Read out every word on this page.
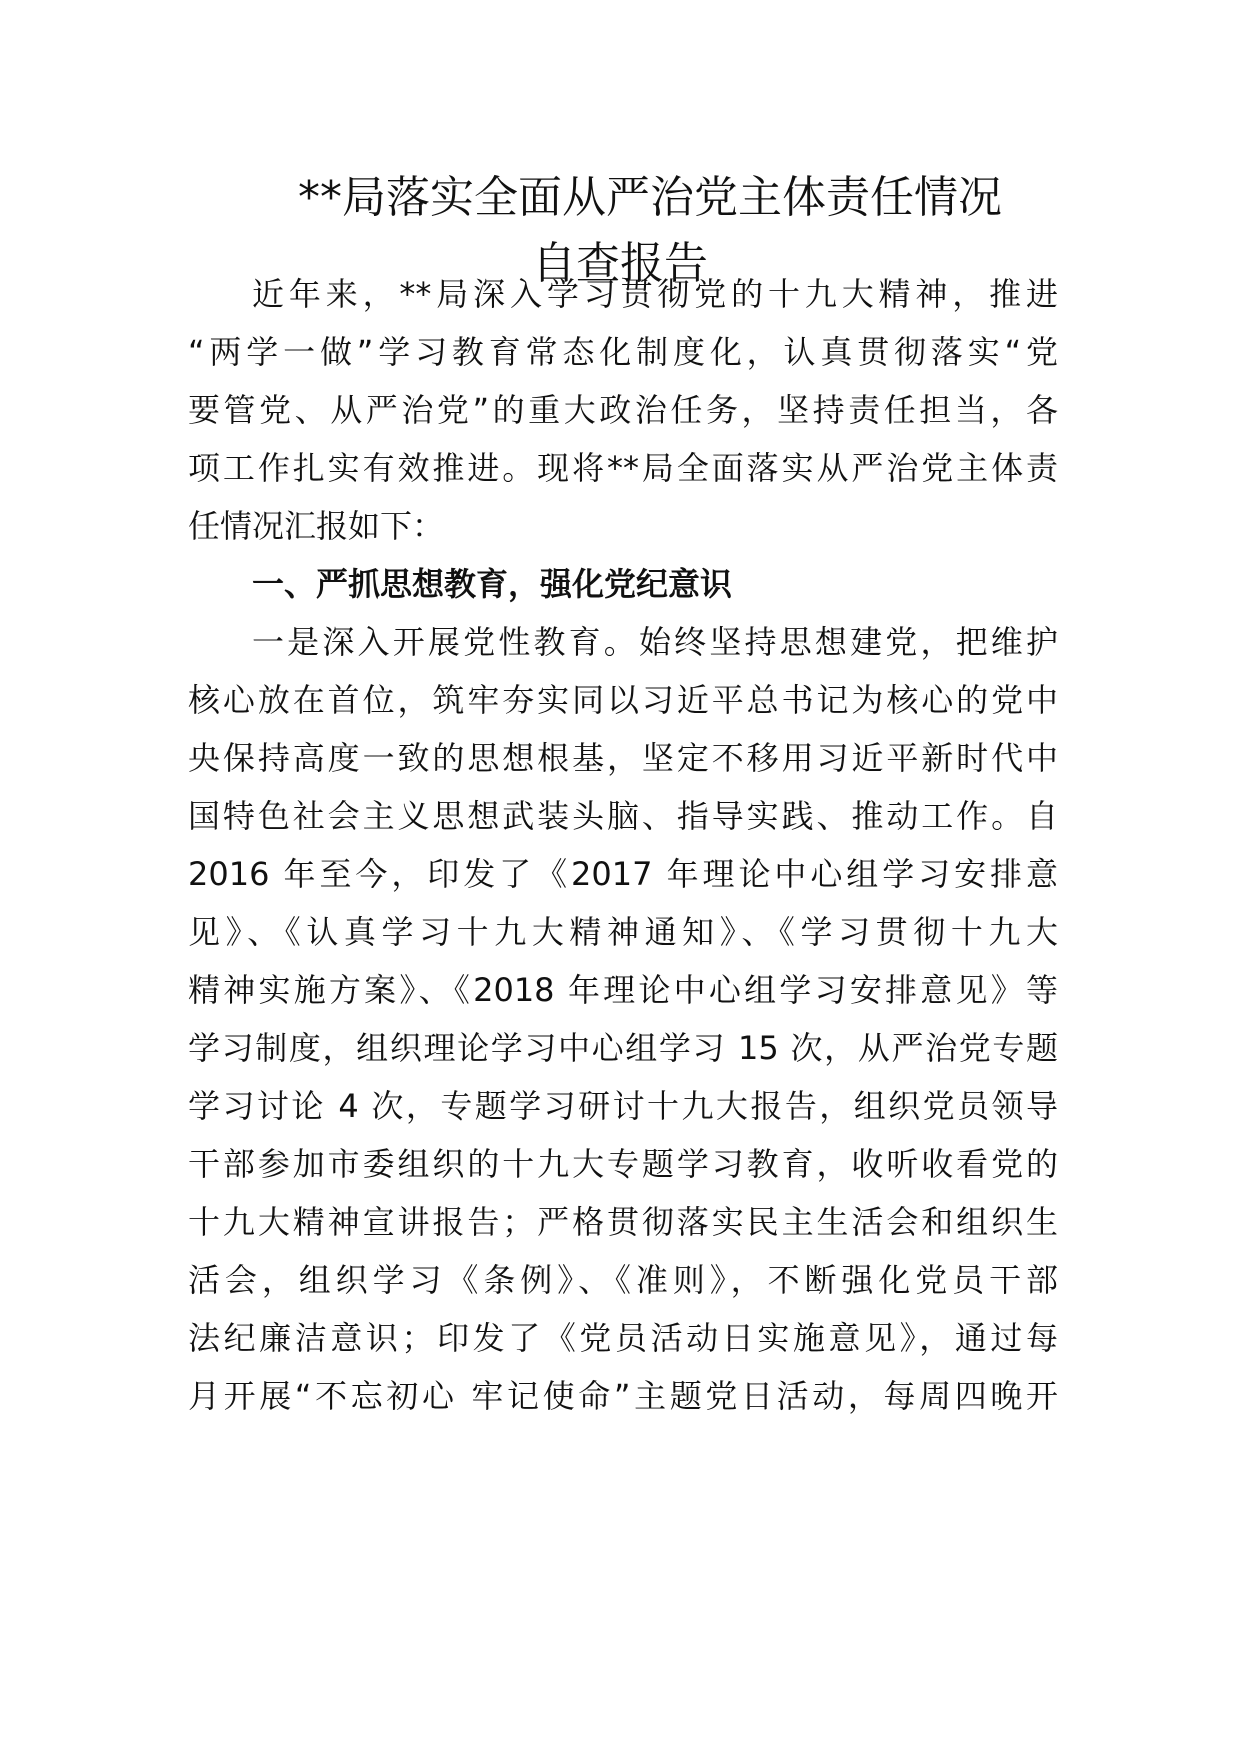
**局落实全面从严治党主体责任情况
自查报告
近年来，**局深入学习贯彻党的十九大精神，推进
“两学一做”学习教育常态化制度化，认真贯彻落实“党
要管党、从严治党”的重大政治任务，坚持责任担当，各
项工作扎实有效推进。现将**局全面落实从严治党主体责
任情况汇报如下：
一、严抓思想教育，强化党纪意识
一是深入开展党性教育。始终坚持思想建党，把维护
核心放在首位，筑牢夯实同以习近平总书记为核心的党中
央保持高度一致的思想根基，坚定不移用习近平新时代中
国特色社会主义思想武装头脑、指导实践、推动工作。自
2016 年至今，印发了《2017 年理论中心组学习安排意
见》、《认真学习十九大精神通知》、《学习贯彻十九大
精神实施方案》、《2018 年理论中心组学习安排意见》等
学习制度，组织理论学习中心组学习 15 次，从严治党专题
学习讨论 4 次，专题学习研讨十九大报告，组织党员领导
干部参加市委组织的十九大专题学习教育，收听收看党的
十九大精神宣讲报告；严格贯彻落实民主生活会和组织生
活会，组织学习《条例》、《准则》，不断强化党员干部
法纪廉洁意识；印发了《党员活动日实施意见》，通过每
月开展“不忘初心 牢记使命”主题党日活动，每周四晚开
